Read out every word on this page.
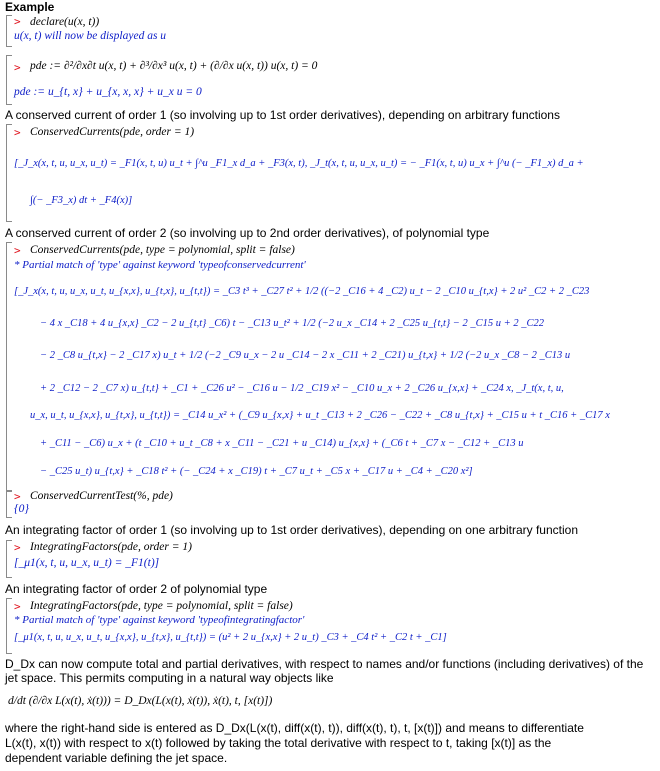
Example
> declare(u(x, t))
u(x, t) will now be displayed as u
> pde := ∂²/∂x∂t u(x, t) + ∂³/∂x³ u(x, t) + (∂/∂x u(x, t)) u(x, t) = 0
pde := u_{t, x} + u_{x, x, x} + u_x u = 0
A conserved current of order 1 (so involving up to 1st order derivatives), depending on arbitrary functions
> ConservedCurrents(pde, order = 1)
[_J_x(x, t, u, u_x, u_t) = _F1(x, t, u) u_t + ∫^u _F1_x d_a + _F3(x, t), _J_t(x, t, u, u_x, u_t) = − _F1(x, t, u) u_x + ∫^u (− _F1_x) d_a +
∫(− _F3_x) dt + _F4(x)]
A conserved current of order 2 (so involving up to 2nd order derivatives), of polynomial type
> ConservedCurrents(pde, type = polynomial, split = false)
* Partial match of 'type' against keyword 'typeofconservedcurrent'
[_J_x(x, t, u, u_x, u_t, u_{x,x}, u_{t,x}, u_{t,t}) = _C3 t³ + _C27 t² + 1/2 ((−2 _C16 + 4 _C2) u_t − 2 _C10 u_{t,x} + 2 u² _C2 + 2 _C23
− 4 x _C18 + 4 u_{x,x} _C2 − 2 u_{t,t} _C6) t − _C13 u_t² + 1/2 (−2 u_x _C14 + 2 _C25 u_{t,t} − 2 _C15 u + 2 _C22
− 2 _C8 u_{t,x} − 2 _C17 x) u_t + 1/2 (−2 _C9 u_x − 2 u _C14 − 2 x _C11 + 2 _C21) u_{t,x} + 1/2 (−2 u_x _C8 − 2 _C13 u
+ 2 _C12 − 2 _C7 x) u_{t,t} + _C1 + _C26 u² − _C16 u − 1/2 _C19 x² − _C10 u_x + 2 _C26 u_{x,x} + _C24 x, _J_t(x, t, u,
u_x, u_t, u_{x,x}, u_{t,x}, u_{t,t}) = _C14 u_x² + (_C9 u_{x,x} + u_t _C13 + 2 _C26 − _C22 + _C8 u_{t,x} + _C15 u + t _C16 + _C17 x
+ _C11 − _C6) u_x + (t _C10 + u_t _C8 + x _C11 − _C21 + u _C14) u_{x,x} + (_C6 t + _C7 x − _C12 + _C13 u
− _C25 u_t) u_{t,x} + _C18 t² + (− _C24 + x _C19) t + _C7 u_t + _C5 x + _C17 u + _C4 + _C20 x²]
> ConservedCurrentTest(%, pde)
{0}
An integrating factor of order 1 (so involving up to 1st order derivatives), depending on one arbitrary function
> IntegratingFactors(pde, order = 1)
[_μ1(x, t, u, u_x, u_t) = _F1(t)]
An integrating factor of order 2 of polynomial type
> IntegratingFactors(pde, type = polynomial, split = false)
* Partial match of 'type' against keyword 'typeofintegratingfactor'
[_μ1(x, t, u, u_x, u_t, u_{x,x}, u_{t,x}, u_{t,t}) = (u² + 2 u_{x,x} + 2 u_t) _C3 + _C4 t² + _C2 t + _C1]
D_Dx can now compute total and partial derivatives, with respect to names and/or functions (including derivatives) of the jet space. This permits computing in a natural way objects like
d/dt (∂/∂x L(x(t), ẋ(t))) = D_Dx(L(x(t), ẋ(t)), ẋ(t), t, [x(t)])
where the right-hand side is entered as D_Dx(L(x(t), diff(x(t), t)), diff(x(t), t), t, [x(t)]) and means to differentiate
L(x(t), x(t)) with respect to x(t) followed by taking the total derivative with respect to t, taking [x(t)] as the
dependent variable defining the jet space.
